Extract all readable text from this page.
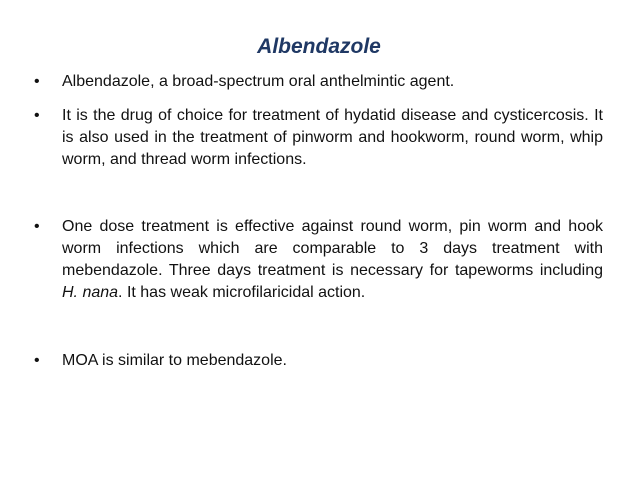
Albendazole
• Albendazole, a broad-spectrum oral anthelmintic agent.
• It is the drug of choice for treatment of hydatid disease and cysticercosis. It is also used in the treatment of pinworm and hookworm, round worm, whip worm, and thread worm infections.
• One dose treatment is effective against round worm, pin worm and hook worm infections which are comparable to 3 days treatment with mebendazole. Three days treatment is necessary for tapeworms including H. nana. It has weak microfilaricidal action.
• MOA is similar to mebendazole.
